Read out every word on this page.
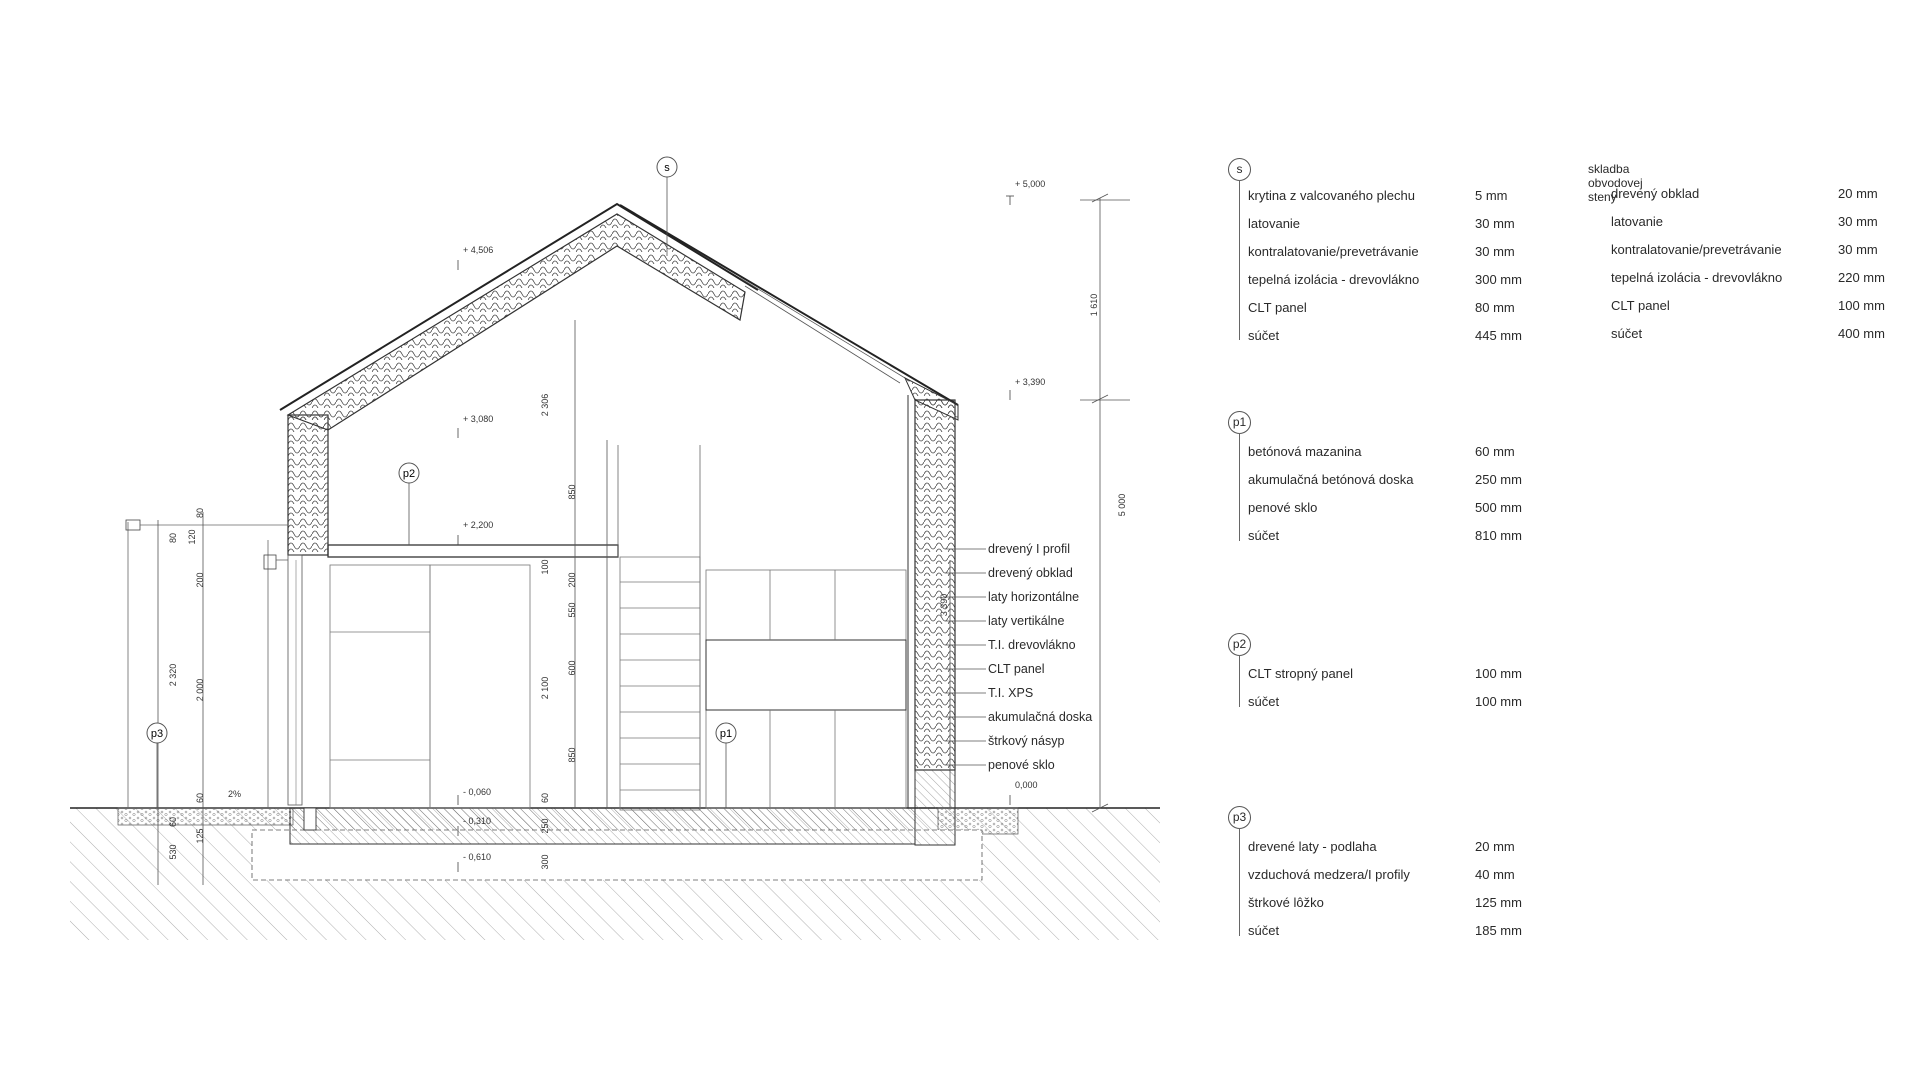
s
p2
p1
p3
+ 5,000
+ 4,506
+ 3,390
+ 3,080
+ 2,200
- 0,060
- 0,310
- 0,610
0,000
2%
1 610
5 000
3 390
2 306
80
120
80
200
2 320
2 000
60
60
125
530
850
100
200
550
600
850
2 100
60
250
300
drevený I profil
drevený obklad
laty horizontálne
laty vertikálne
T.I. drevovlákno
CLT panel
T.I. XPS
akumulačná doska
štrkový násyp
penové sklo
s
krytina z valcovaného plechu	5 mm
latovanie	30 mm
kontralatovanie/prevetrávanie	30 mm
tepelná izolácia - drevovlákno	300 mm
CLT panel	80 mm
súčet	445 mm
skladba obvodovej steny
drevený obklad	20 mm
latovanie	30 mm
kontralatovanie/prevetrávanie	30 mm
tepelná izolácia - drevovlákno	220 mm
CLT panel	100 mm
súčet	400 mm
p1
betónová mazanina	60 mm
akumulačná betónová doska	250 mm
penové sklo	500 mm
súčet	810 mm
p2
CLT stropný panel	100 mm
súčet	100 mm
p3
drevené laty - podlaha	20 mm
vzduchová medzera/I profily	40 mm
štrkové lôžko	125 mm
súčet	185 mm
